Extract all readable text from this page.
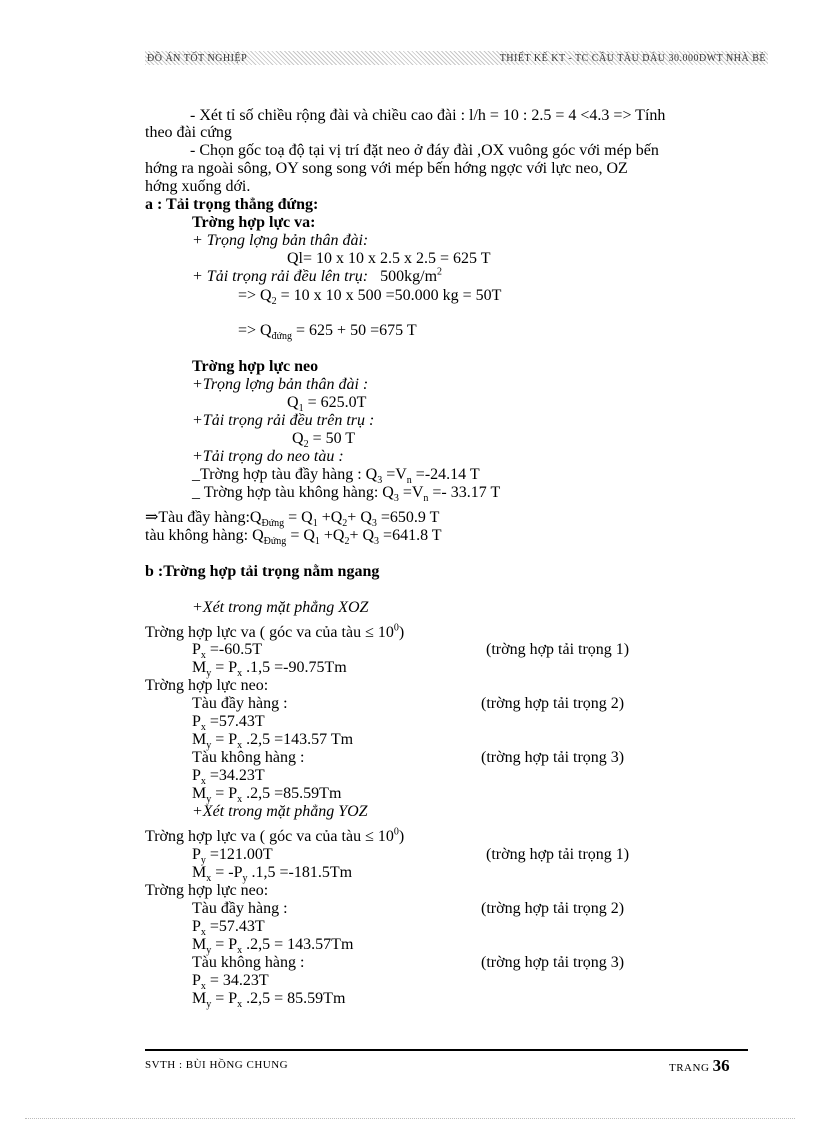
ĐỒ ÁN TỐT NGHIỆP	THIẾT KẾ KT - TC CẦU TÀU DÀU 30.000DWT NHÀ BÈ
- Xét tỉ số chiều rộng đài và chiều cao đài : l/h = 10 : 2.5 = 4 <4.3 => Tính
theo đài cứng
- Chọn gốc toạ độ tại vị trí đặt neo ở đáy đài ,OX vuông góc với mép bến
hớng ra ngoài sông, OY song song với mép bến hớng ngợc với lực neo, OZ
hớng xuống dới.
a : Tải trọng thẳng đứng:
Trờng hợp lực va:
+ Trọng lợng bản thân đài:
Ql= 10 x 10 x 2.5 x 2.5 = 625 T
+ Tải trọng rải đều lên trụ: $500kg/m^2$
=> $Q_2 = 10$ x 10 x 500 =50.000 kg = 50T
=> $Q_{đứng} = 625 + 50 =675$ T
Trờng hợp lực neo
+Trọng lợng bản thân đài :
$Q_1 = 625.0T$
+Tải trọng rải đều trên trụ :
$Q_2 = 50$ T
+Tải trọng do neo tàu :
_Trờng hợp tàu đầy hàng : $Q_3 =V_n =-24.14$ T
_ Trờng hợp tàu không hàng: $Q_3 =V_n =- 33.17$ T
⇒Tàu đầy $hàng:Q_{Đứng} = Q_1 +Q_2+ Q_3 =650.9$ T
tàu không hàng: $Q_{Đứng} = Q_1 +Q_2+ Q_3 =641.8$ T
b :Trờng hợp tải trọng nằm ngang
+Xét trong mặt phẳng XOZ
Trờng hợp lực va ( góc va của tàu ≤ $10^0$)
$P_x =-60.5T$	(trờng hợp tải trọng 1)
$M_y = P_x$ .1,5 =-90.75Tm
Trờng hợp lực neo:
Tàu đầy hàng :	(trờng hợp tải trọng 2)
$P_x =57.43T$
$M_y = P_x$ .2,5 =143.57 Tm
Tàu không hàng :	(trờng hợp tải trọng 3)
$P_x =34.23T$
$M_y = P_x$ .2,5 =85.59Tm
+Xét trong mặt phẳng YOZ
Trờng hợp lực va ( góc va của tàu ≤ $10^0$)
$P_y =121.00T$	(trờng hợp tải trọng 1)
$M_x = -P_y$ .1,5 =-181.5Tm
Trờng hợp lực neo:
Tàu đầy hàng :	(trờng hợp tải trọng 2)
$P_x =57.43T$
$M_y = P_x$ .2,5 = 143.57Tm
Tàu không hàng :	(trờng hợp tải trọng 3)
$P_x = 34.23T$
$M_y = P_x$ .2,5 = 85.59Tm
SVTH : BÙI HỒNG CHUNG	TRANG 36
